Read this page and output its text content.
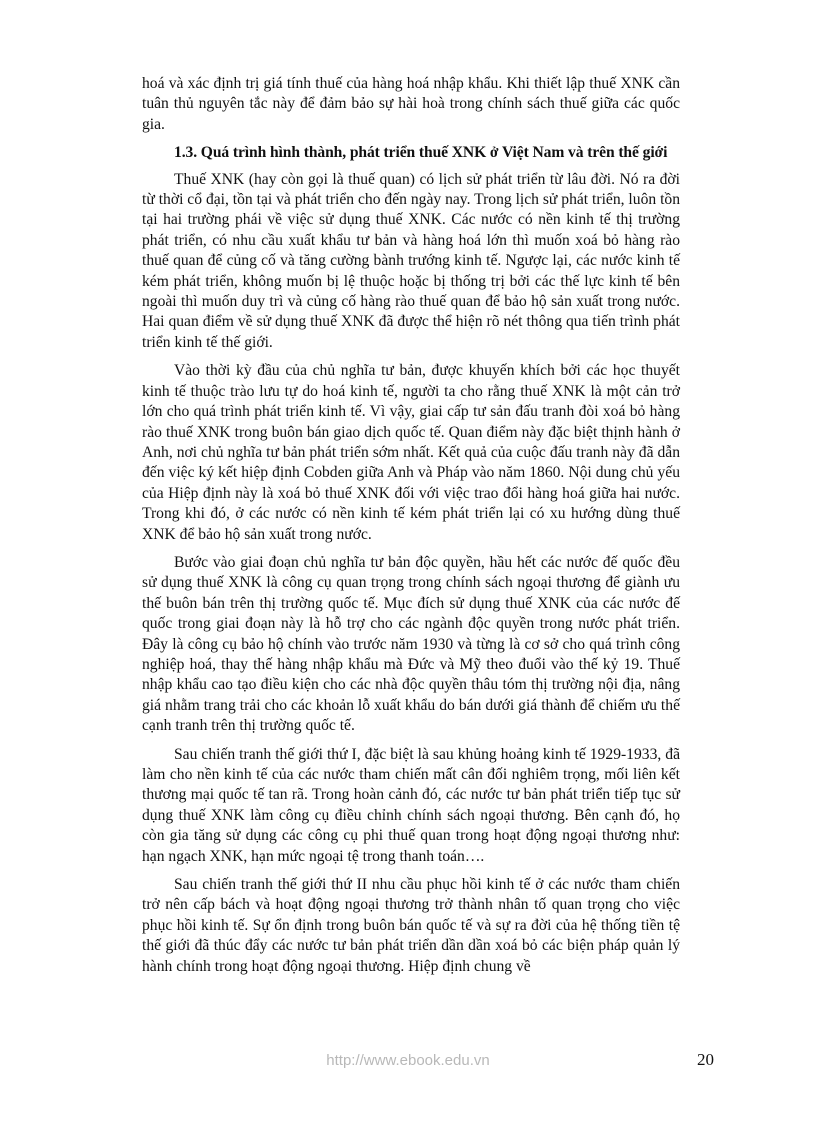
hoá và xác định trị giá tính thuế của hàng hoá nhập khẩu. Khi thiết lập thuế XNK cần tuân thủ nguyên tắc này để đảm bảo sự hài hoà trong chính sách thuế giữa các quốc gia.

1.3. Quá trình hình thành, phát triển thuế XNK ở Việt Nam và trên thế giới

Thuế XNK (hay còn gọi là thuế quan) có lịch sử phát triển từ lâu đời. Nó ra đời từ thời cổ đại, tồn tại và phát triển cho đến ngày nay. Trong lịch sử phát triển, luôn tồn tại hai trường phái về việc sử dụng thuế XNK. Các nước có nền kinh tế thị trường phát triển, có nhu cầu xuất khẩu tư bản và hàng hoá lớn thì muốn xoá bỏ hàng rào thuế quan để củng cố và tăng cường bành trướng kinh tế. Ngược lại, các nước kinh tế kém phát triển, không muốn bị lệ thuộc hoặc bị thống trị bởi các thế lực kinh tế bên ngoài thì muốn duy trì và củng cố hàng rào thuế quan để bảo hộ sản xuất trong nước. Hai quan điểm về sử dụng thuế XNK đã được thể hiện rõ nét thông qua tiến trình phát triển kinh tế thế giới.

Vào thời kỳ đầu của chủ nghĩa tư bản, được khuyến khích bởi các học thuyết kinh tế thuộc trào lưu tự do hoá kinh tế, người ta cho rằng thuế XNK là một cản trở lớn cho quá trình phát triển kinh tế. Vì vậy, giai cấp tư sản đấu tranh đòi xoá bỏ hàng rào thuế XNK trong buôn bán giao dịch quốc tế. Quan điểm này đặc biệt thịnh hành ở Anh, nơi chủ nghĩa tư bản phát triển sớm nhất. Kết quả của cuộc đấu tranh này đã dẫn đến việc ký kết hiệp định Cobden giữa Anh và Pháp vào năm 1860. Nội dung chủ yếu của Hiệp định này là xoá bỏ thuế XNK đối với việc trao đổi hàng hoá giữa hai nước. Trong khi đó, ở các nước có nền kinh tế kém phát triển lại có xu hướng dùng thuế XNK để bảo hộ sản xuất trong nước.

Bước vào giai đoạn chủ nghĩa tư bản độc quyền, hầu hết các nước đế quốc đều sử dụng thuế XNK là công cụ quan trọng trong chính sách ngoại thương để giành ưu thế buôn bán trên thị trường quốc tế. Mục đích sử dụng thuế XNK của các nước đế quốc trong giai đoạn này là hỗ trợ cho các ngành độc quyền trong nước phát triển. Đây là công cụ bảo hộ chính vào trước năm 1930 và từng là cơ sở cho quá trình công nghiệp hoá, thay thế hàng nhập khẩu mà Đức và Mỹ theo đuổi vào thế kỷ 19. Thuế nhập khẩu cao tạo điều kiện cho các nhà độc quyền thâu tóm thị trường nội địa, nâng giá nhằm trang trải cho các khoản lỗ xuất khẩu do bán dưới giá thành để chiếm ưu thế cạnh tranh trên thị trường quốc tế.

Sau chiến tranh thế giới thứ I, đặc biệt là sau khủng hoảng kinh tế 1929-1933, đã làm cho nền kinh tế của các nước tham chiến mất cân đối nghiêm trọng, mối liên kết thương mại quốc tế tan rã. Trong hoàn cảnh đó, các nước tư bản phát triển tiếp tục sử dụng thuế XNK làm công cụ điều chỉnh chính sách ngoại thương. Bên cạnh đó, họ còn gia tăng sử dụng các công cụ phi thuế quan trong hoạt động ngoại thương như: hạn ngạch XNK, hạn mức ngoại tệ trong thanh toán….

Sau chiến tranh thế giới thứ II nhu cầu phục hồi kinh tế ở các nước tham chiến trở nên cấp bách và hoạt động ngoại thương trở thành nhân tố quan trọng cho việc phục hồi kinh tế. Sự ổn định trong buôn bán quốc tế và sự ra đời của hệ thống tiền tệ thế giới đã thúc đẩy các nước tư bản phát triển dần dần xoá bỏ các biện pháp quản lý hành chính trong hoạt động ngoại thương. Hiệp định chung về

http://www.ebook.edu.vn	20
